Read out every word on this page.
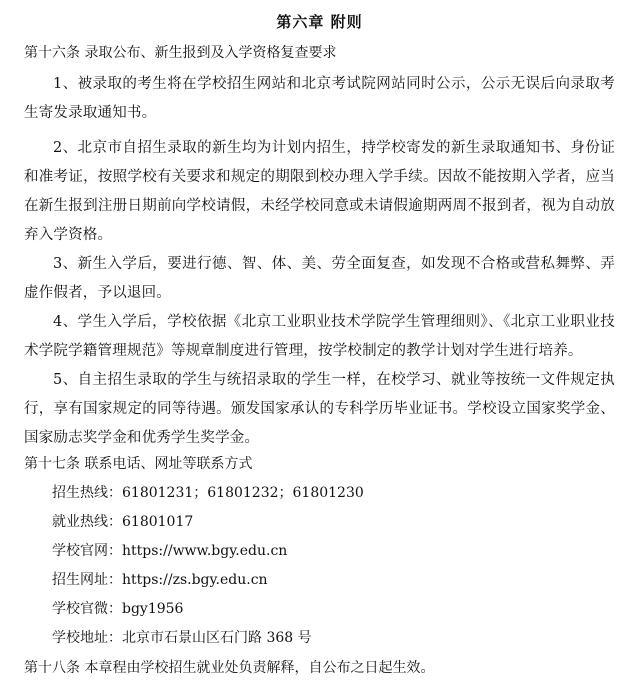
第六章 附则
第十六条 录取公布、新生报到及入学资格复查要求

1、被录取的考生将在学校招生网站和北京考试院网站同时公示，公示无误后向录取考生寄发录取通知书。

2、北京市自招生录取的新生均为计划内招生，持学校寄发的新生录取通知书、身份证和准考证，按照学校有关要求和规定的期限到校办理入学手续。因故不能按期入学者，应当在新生报到注册日期前向学校请假，未经学校同意或未请假逾期两周不报到者，视为自动放弃入学资格。

3、新生入学后，要进行德、智、体、美、劳全面复查，如发现不合格或营私舞弊、弄虚作假者，予以退回。

4、学生入学后，学校依据《北京工业职业技术学院学生管理细则》、《北京工业职业技术学院学籍管理规范》等规章制度进行管理，按学校制定的教学计划对学生进行培养。

5、自主招生录取的学生与统招录取的学生一样，在校学习、就业等按统一文件规定执行，享有国家规定的同等待遇。颁发国家承认的专科学历毕业证书。学校设立国家奖学金、国家励志奖学金和优秀学生奖学金。

第十七条 联系电话、网址等联系方式
招生热线：61801231；61801232；61801230
就业热线：61801017
学校官网：https://www.bgy.edu.cn
招生网址：https://zs.bgy.edu.cn
学校官微：bgy1956
学校地址：北京市石景山区石门路 368 号
第十八条 本章程由学校招生就业处负责解释，自公布之日起生效。
